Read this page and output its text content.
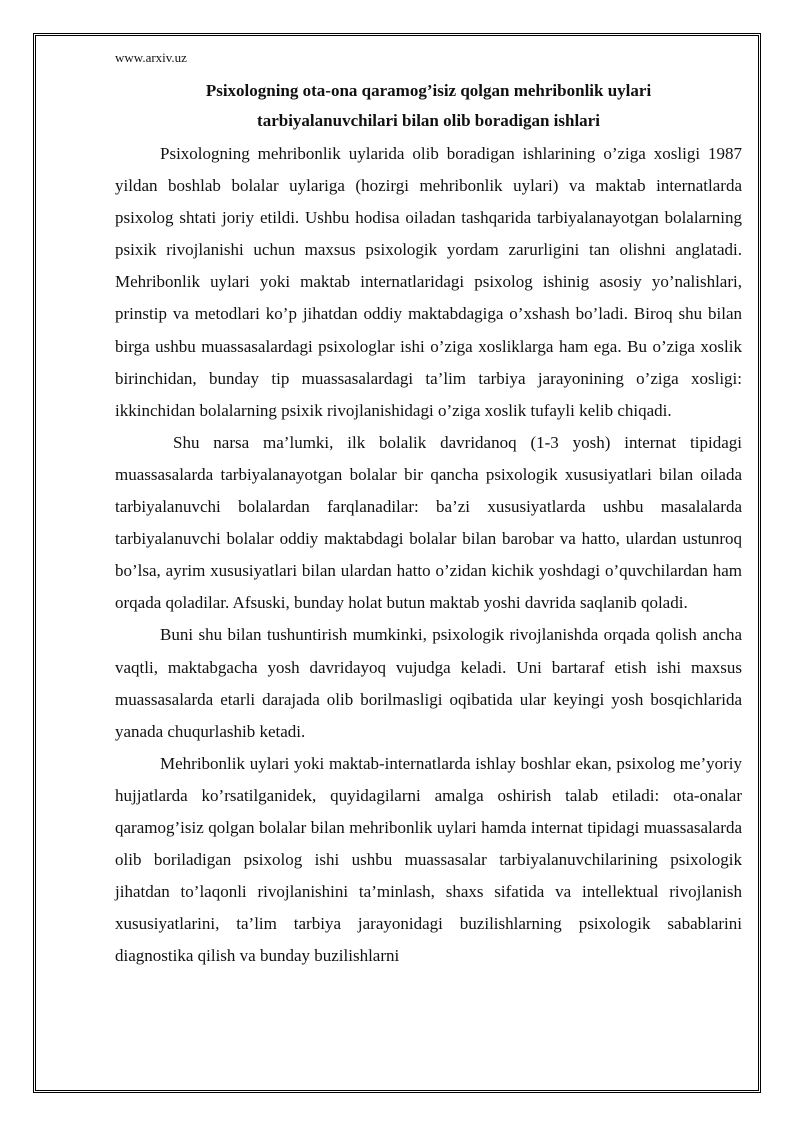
www.arxiv.uz
Psixologning ota-ona qaramog’isiz qolgan mehribonlik uylari
tarbiyalanuvchilari bilan olib boradigan ishlari

Psixologning mehribonlik uylarida olib boradigan ishlarining o’ziga xosligi 1987 yildan boshlab bolalar uylariga (hozirgi mehribonlik uylari) va maktab internatlarda psixolog shtati joriy etildi. Ushbu hodisa oiladan tashqarida tarbiyalanayotgan bolalarning psixik rivojlanishi uchun maxsus psixologik yordam zarurligini tan olishni anglatadi. Mehribonlik uylari yoki maktab internatlaridagi psixolog ishinig asosiy yo’nalishlari, prinstip va metodlari ko’p jihatdan oddiy maktabdagiga o’xshash bo’ladi. Biroq shu bilan birga ushbu muassasalardagi psixologlar ishi o’ziga xosliklarga ham ega. Bu o’ziga xoslik birinchidan, bunday tip muassasalardagi ta’lim tarbiya jarayonining o’ziga xosligi: ikkinchidan bolalarning psixik rivojlanishidagi o’ziga xoslik tufayli kelib chiqadi.

Shu narsa ma’lumki, ilk bolalik davridanoq (1-3 yosh) internat tipidagi muassasalarda tarbiyalanayotgan bolalar bir qancha psixologik xususiyatlari bilan oilada tarbiyalanuvchi bolalardan farqlanadilar: ba’zi xususiyatlarda ushbu masalalarda tarbiyalanuvchi bolalar oddiy maktabdagi bolalar bilan barobar va hatto, ulardan ustunroq bo’lsa, ayrim xususiyatlari bilan ulardan hatto o’zidan kichik yoshdagi o’quvchilardan ham orqada qoladilar. Afsuski, bunday holat butun maktab yoshi davrida saqlanib qoladi.

Buni shu bilan tushuntirish mumkinki, psixologik rivojlanishda orqada qolish ancha vaqtli, maktabgacha yosh davridayoq vujudga keladi. Uni bartaraf etish ishi maxsus muassasalarda etarli darajada olib borilmasligi oqibatida ular keyingi yosh bosqichlarida yanada chuqurlashib ketadi.

Mehribonlik uylari yoki maktab-internatlarda ishlay boshlar ekan, psixolog me’yoriy hujjatlarda ko’rsatilganidek, quyidagilarni amalga oshirish talab etiladi: ota-onalar qaramog’isiz qolgan bolalar bilan mehribonlik uylari hamda internat tipidagi muassasalarda olib boriladigan psixolog ishi ushbu muassasalar tarbiyalanuvchilarining psixologik jihatdan to’laqonli rivojlanishini ta’minlash, shaxs sifatida va intellektual rivojlanish xususiyatlarini, ta’lim tarbiya jarayonidagi buzilishlarning psixologik sabablarini diagnostika qilish va bunday buzilishlarni
